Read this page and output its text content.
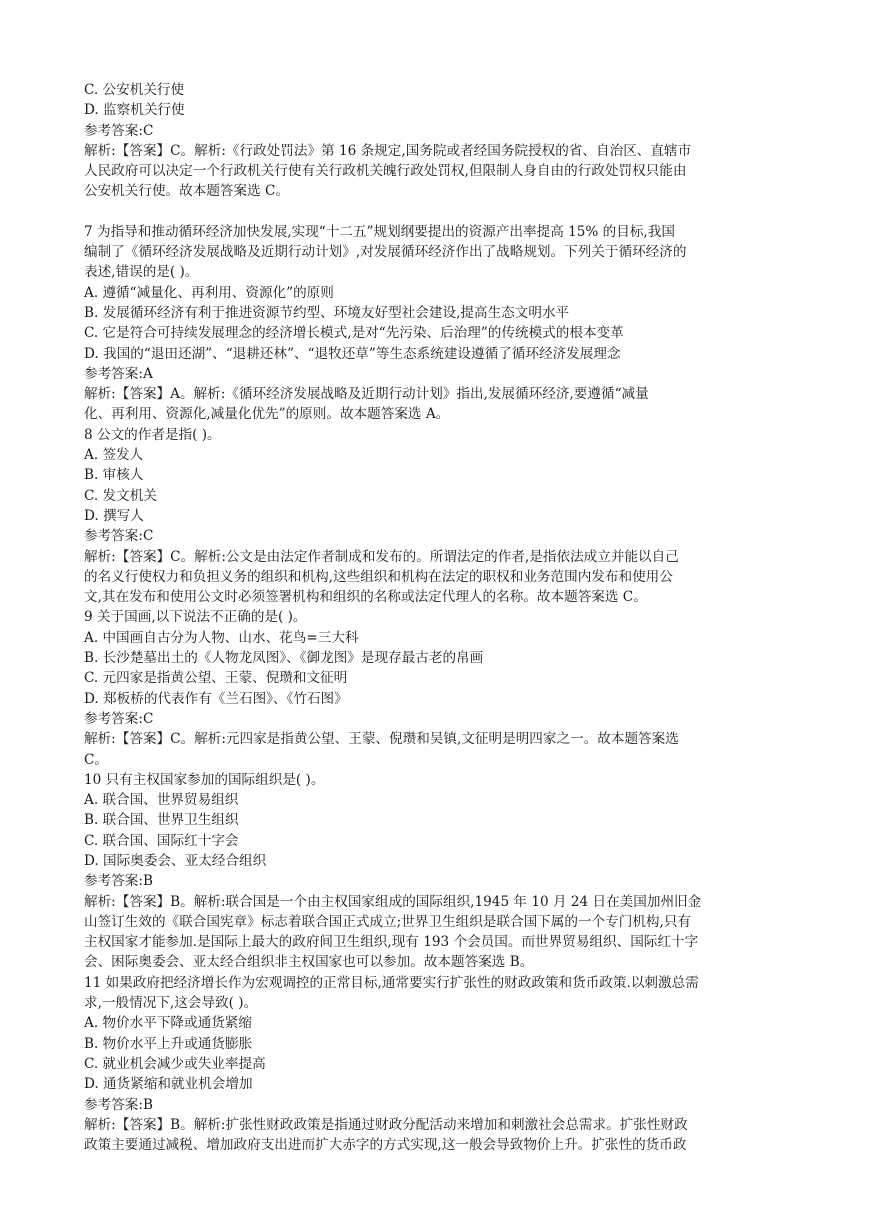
C. 公安机关行使
D. 监察机关行使
参考答案:C
解析:【答案】C。解析:《行政处罚法》第 16 条规定,国务院或者经国务院授权的省、自治区、直辖市
人民政府可以决定一个行政机关行使有关行政机关魄行政处罚权,但限制人身自由的行政处罚权只能由
公安机关行使。故本题答案选 C。
7 为指导和推动循环经济加快发展,实现“十二五”规划纲要提出的资源产出率提高 15% 的目标,我国
编制了《循环经济发展战略及近期行动计划》,对发展循环经济作出了战略规划。下列关于循环经济的
表述,错误的是( )。
A. 遵循“减量化、再利用、资源化”的原则
B. 发展循环经济有利于推进资源节约型、环境友好型社会建设,提高生态文明水平
C. 它是符合可持续发展理念的经济增长模式,是对“先污染、后治理”的传统模式的根本变革
D. 我国的“退田还湖”、“退耕还林”、“退牧还草”等生态系统建设遵循了循环经济发展理念
参考答案:A
解析:【答案】A。解析:《循环经济发展战略及近期行动计划》指出,发展循环经济,要遵循“减量
化、再利用、资源化,减量化优先”的原则。故本题答案选 A。
8 公文的作者是指( )。
A. 签发人
B. 审核人
C. 发文机关
D. 撰写人
参考答案:C
解析:【答案】C。解析:公文是由法定作者制成和发布的。所谓法定的作者,是指依法成立并能以自己
的名义行使权力和负担义务的组织和机构,这些组织和机构在法定的职权和业务范围内发布和使用公
文,其在发布和使用公文时必须签署机构和组织的名称或法定代理人的名称。故本题答案选 C。
9 关于国画,以下说法不正确的是( )。
A. 中国画自古分为人物、山水、花鸟=三大科
B. 长沙楚墓出土的《人物龙凤图》、《御龙图》是现存最古老的帛画
C. 元四家是指黄公望、王蒙、倪瓒和文征明
D. 郑板桥的代表作有《兰石图》、《竹石图》
参考答案:C
解析:【答案】C。解析:元四家是指黄公望、王蒙、倪瓒和吴镇,文征明是明四家之一。故本题答案选
C。
10 只有主权国家参加的国际组织是( )。
A. 联合国、世界贸易组织
B. 联合国、世界卫生组织
C. 联合国、国际红十字会
D. 国际奥委会、亚太经合组织
参考答案:B
解析:【答案】B。解析:联合国是一个由主权国家组成的国际组织,1945 年 10 月 24 日在美国加州旧金
山签订生效的《联合国宪章》标志着联合国正式成立;世界卫生组织是联合国下属的一个专门机构,只有
主权国家才能参加.是国际上最大的政府间卫生组织,现有 193 个会员国。而世界贸易组织、国际红十字
会、困际奥委会、亚太经合组织非主权国家也可以参加。故本题答案选 B。
11 如果政府把经济增长作为宏观调控的正常目标,通常要实行扩张性的财政政策和货币政策.以刺激总需
求,一般情况下,这会导致( )。
A. 物价水平下降或通货紧缩
B. 物价水平上升或通货膨胀
C. 就业机会减少或失业率提高
D. 通货紧缩和就业机会增加
参考答案:B
解析:【答案】B。解析:扩张性财政政策是指通过财政分配活动来增加和刺激社会总需求。扩张性财政
政策主要通过减税、增加政府支出进而扩大赤字的方式实现,这一般会导致物价上升。扩张性的货币政
